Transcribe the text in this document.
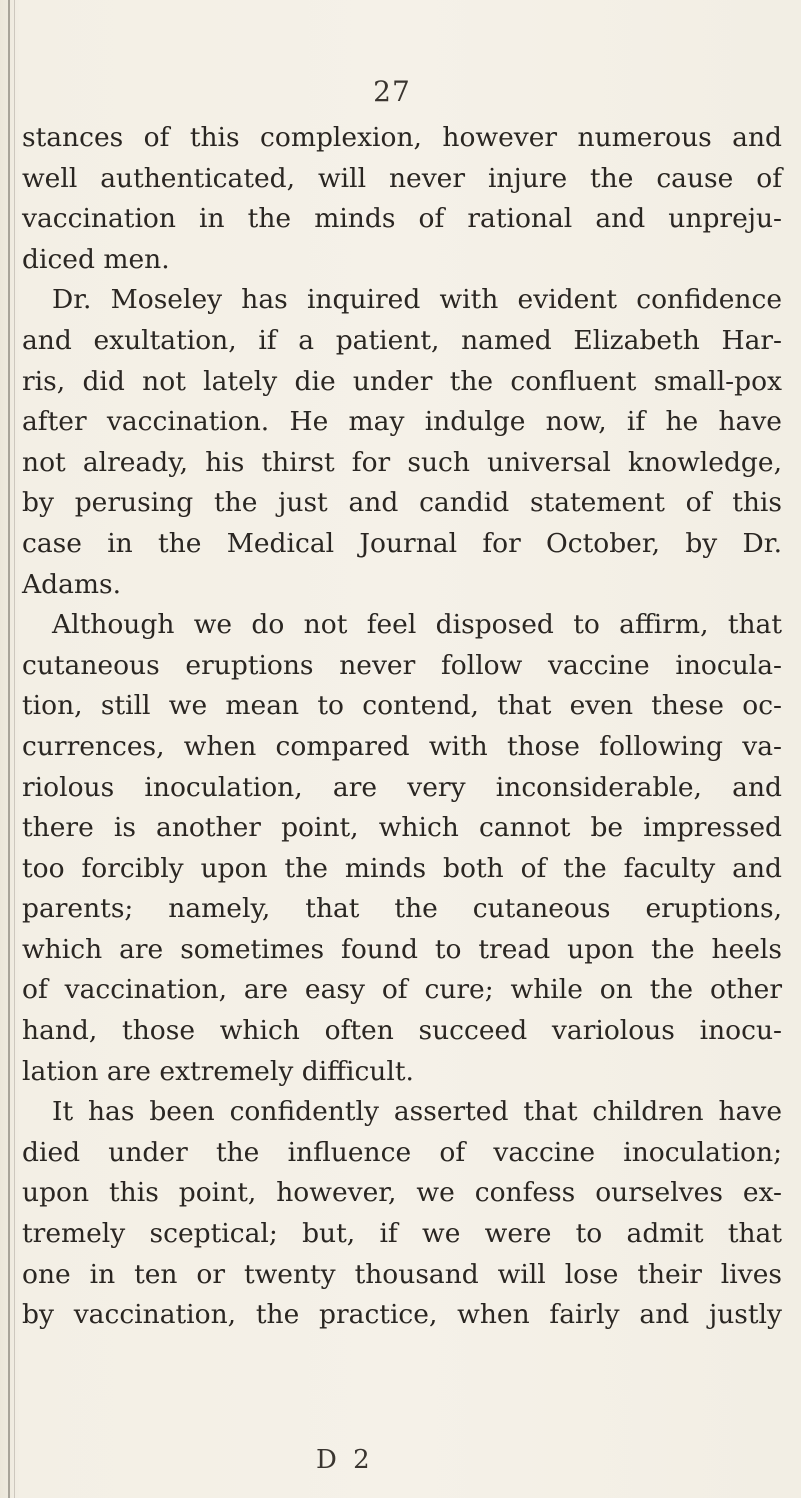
27
stances of this complexion, however numerous and
well authenticated, will never injure the cause of
vaccination in the minds of rational and unpreju-
diced men.
Dr. Moseley has inquired with evident confidence
and exultation, if a patient, named Elizabeth Har-
ris, did not lately die under the confluent small-pox
after vaccination. He may indulge now, if he have
not already, his thirst for such universal knowledge,
by perusing the just and candid statement of this
case in the Medical Journal for October, by Dr.
Adams.
Although we do not feel disposed to affirm, that
cutaneous eruptions never follow vaccine inocula-
tion, still we mean to contend, that even these oc-
currences, when compared with those following va-
riolous inoculation, are very inconsiderable, and
there is another point, which cannot be impressed
too forcibly upon the minds both of the faculty and
parents; namely, that the cutaneous eruptions,
which are sometimes found to tread upon the heels
of vaccination, are easy of cure; while on the other
hand, those which often succeed variolous inocu-
lation are extremely difficult.
It has been confidently asserted that children have
died under the influence of vaccine inoculation;
upon this point, however, we confess ourselves ex-
tremely sceptical; but, if we were to admit that
one in ten or twenty thousand will lose their lives
by vaccination, the practice, when fairly and justly
D 2
